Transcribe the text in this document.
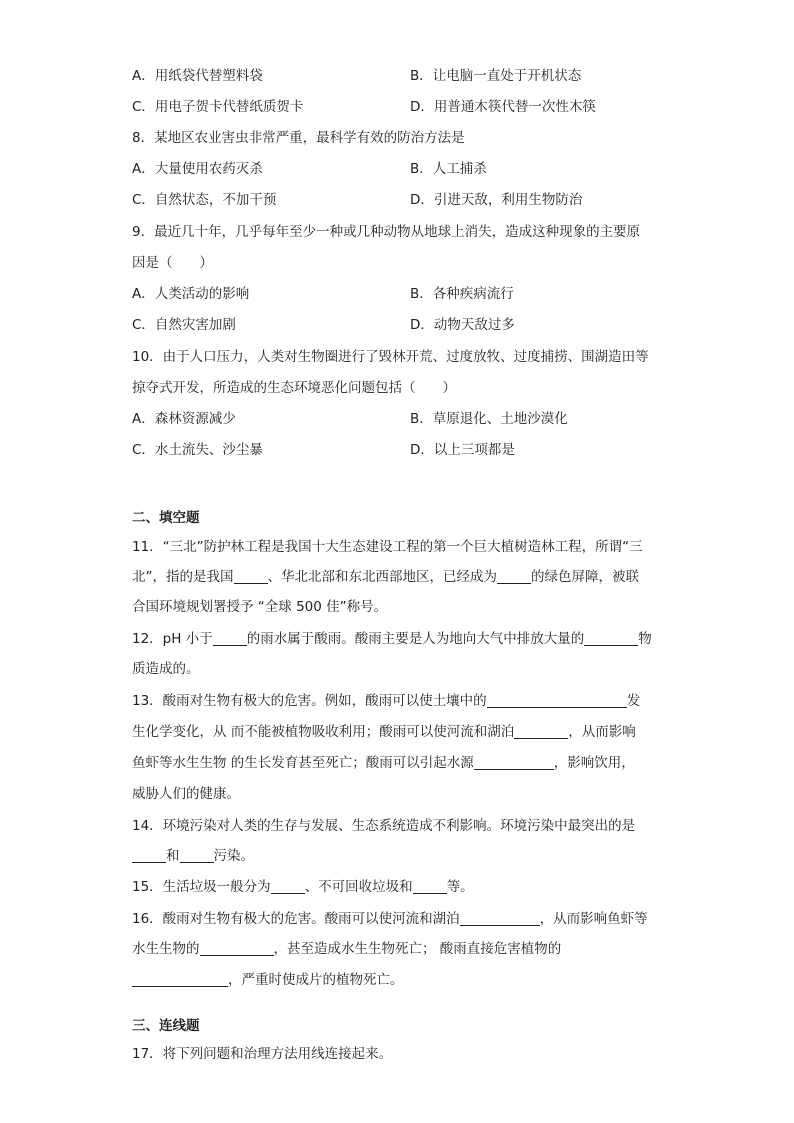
A．用纸袋代替塑料袋	B．让电脑一直处于开机状态
C．用电子贺卡代替纸质贺卡	D．用普通木筷代替一次性木筷
8．某地区农业害虫非常严重，最科学有效的防治方法是
A．大量使用农药灭杀	B．人工捕杀
C．自然状态，不加干预	D．引进天敌，利用生物防治
9．最近几十年，几乎每年至少一种或几种动物从地球上消失，造成这种现象的主要原
因是（　　）
A．人类活动的影响	B．各种疾病流行
C．自然灾害加剧	D．动物天敌过多
10．由于人口压力，人类对生物圈进行了毁林开荒、过度放牧、过度捕捞、围湖造田等
掠夺式开发，所造成的生态环境恶化问题包括（　　）
A．森林资源减少	B．草原退化、土地沙漠化
C．水土流失、沙尘暴	D．以上三项都是
二、填空题
11．“三北”防护林工程是我国十大生态建设工程的第一个巨大植树造林工程，所谓“三
北”，指的是我国	、华北北部和东北西部地区，已经成为	的绿色屏障，被联
合国环境规划署授予 “全球 500 佳”称号。
12．pH 小于	的雨水属于酸雨。酸雨主要是人为地向大气中排放大量的	物
质造成的。
13．酸雨对生物有极大的危害。例如，酸雨可以使土壤中的	发
生化学变化，从 而不能被植物吸收利用；酸雨可以使河流和湖泊	，从而影响
鱼虾等水生生物 的生长发育甚至死亡；酸雨可以引起水源	，影响饮用，
威胁人们的健康。
14．环境污染对人类的生存与发展、生态系统造成不利影响。环境污染中最突出的是
和	污染。
15．生活垃圾一般分为	、不可回收垃圾和	等。
16．酸雨对生物有极大的危害。酸雨可以使河流和湖泊	，从而影响鱼虾等
水生生物的	，甚至造成水生生物死亡； 酸雨直接危害植物的
，严重时使成片的植物死亡。
三、连线题
17．将下列问题和治理方法用线连接起来。
